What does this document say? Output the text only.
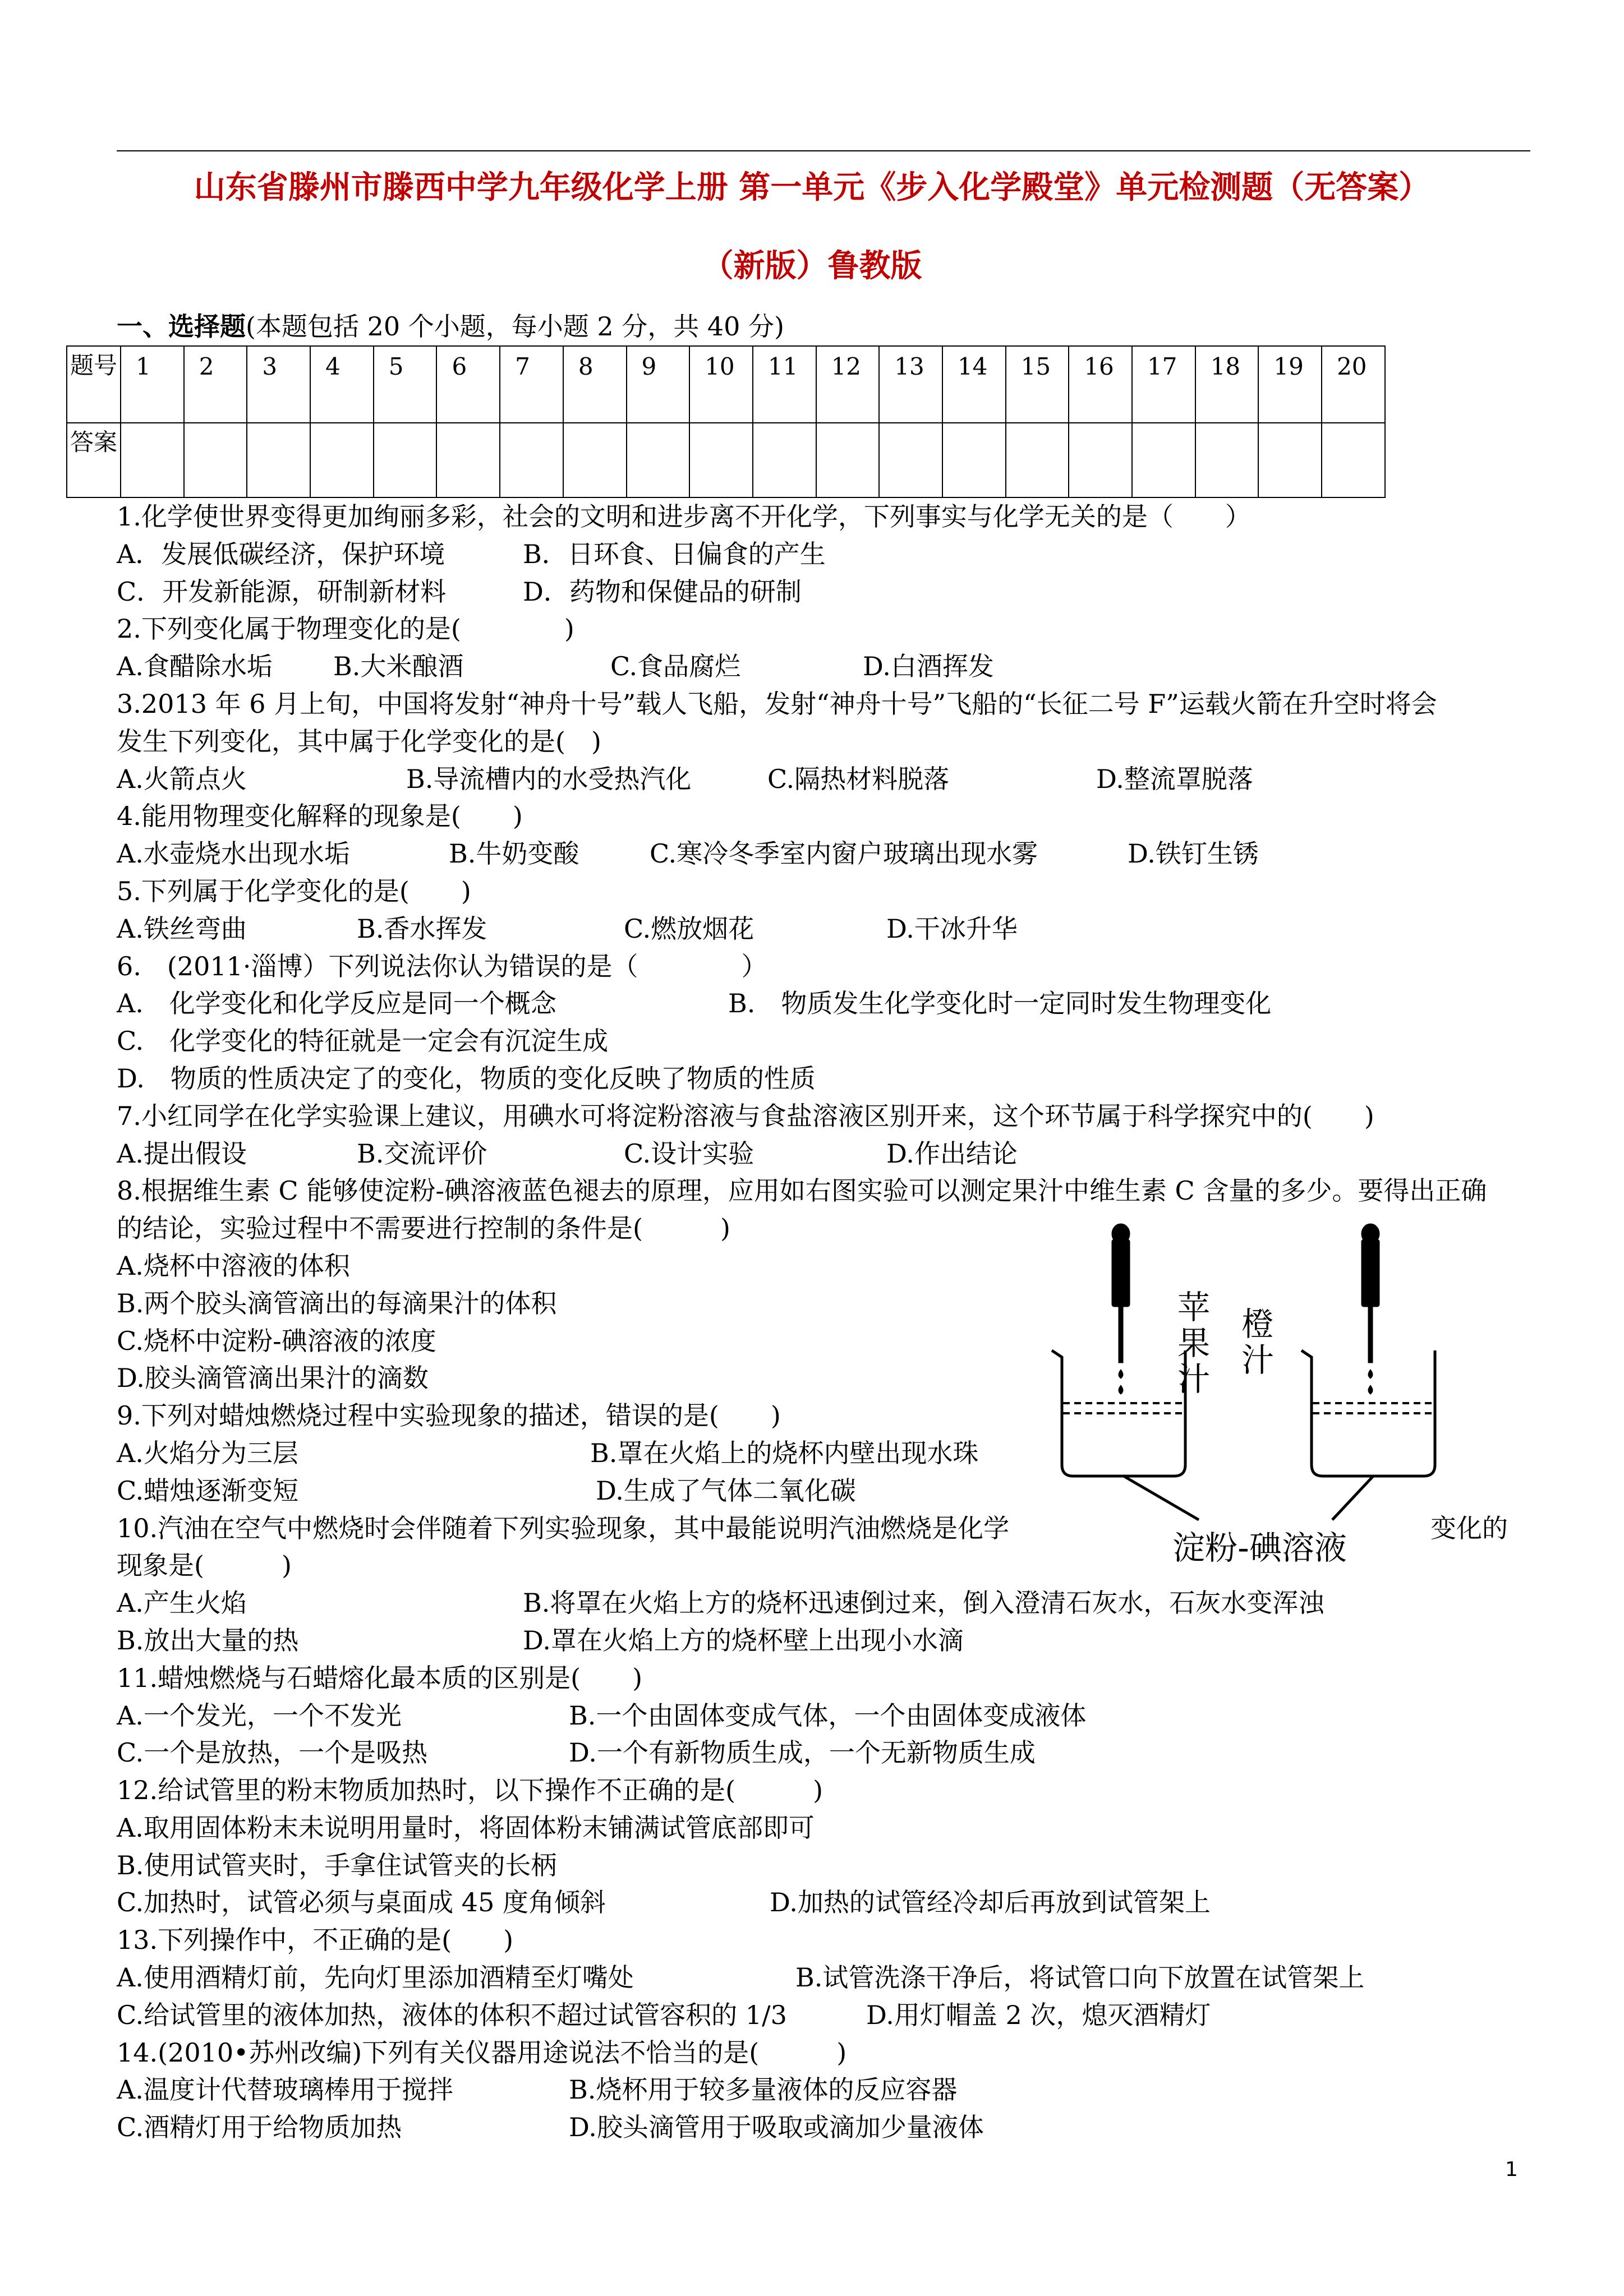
山东省滕州市滕西中学九年级化学上册 第一单元《步入化学殿堂》单元检测题（无答案）
（新版）鲁教版
一、选择题(本题包括 20 个小题，每小题 2 分，共 40 分)
题号	1	2	3	4	5	6	7	8	9	10	11	12	13	14	15	16	17	18	19	20
答案																				
1.化学使世界变得更加绚丽多彩，社会的文明和进步离不开化学，下列事实与化学无关的是（　　）
A．发展低碳经济，保护环境	B．日环食、日偏食的产生
C．开发新能源，研制新材料	D．药物和保健品的研制
2.下列变化属于物理变化的是(　　　　)
A.食醋除水垢 B.大米酿酒	C.食品腐烂	D.白酒挥发
3.2013 年 6 月上旬，中国将发射“神舟十号”载人飞船，发射“神舟十号”飞船的“长征二号 F”运载火箭在升空时将会
发生下列变化，其中属于化学变化的是(　)
A.火箭点火	B.导流槽内的水受热汽化	C.隔热材料脱落	D.整流罩脱落
4.能用物理变化解释的现象是(　　)
A.水壶烧水出现水垢	B.牛奶变酸	C.寒冷冬季室内窗户玻璃出现水雾	D.铁钉生锈
5.下列属于化学变化的是(　　)
A.铁丝弯曲	B.香水挥发	C.燃放烟花	D.干冰升华
6.　(2011·淄博）下列说法你认为错误的是（　　　　）
A.　化学变化和化学反应是同一个概念	B.　物质发生化学变化时一定同时发生物理变化
C.　化学变化的特征就是一定会有沉淀生成
D.　物质的性质决定了的变化，物质的变化反映了物质的性质
7.小红同学在化学实验课上建议，用碘水可将淀粉溶液与食盐溶液区别开来，这个环节属于科学探究中的(　　)
A.提出假设	B.交流评价	C.设计实验	D.作出结论
8.根据维生素 C 能够使淀粉-碘溶液蓝色褪去的原理，应用如右图实验可以测定果汁中维生素 C 含量的多少。要得出正确
的结论，实验过程中不需要进行控制的条件是(　　　)
A.烧杯中溶液的体积
B.两个胶头滴管滴出的每滴果汁的体积
C.烧杯中淀粉-碘溶液的浓度
D.胶头滴管滴出果汁的滴数
9.下列对蜡烛燃烧过程中实验现象的描述，错误的是(　　)
A.火焰分为三层	B.罩在火焰上的烧杯内壁出现水珠
C.蜡烛逐渐变短	D.生成了气体二氧化碳
10.汽油在空气中燃烧时会伴随着下列实验现象，其中最能说明汽油燃烧是化学	变化的
现象是(　　　)
A.产生火焰	B.将罩在火焰上方的烧杯迅速倒过来，倒入澄清石灰水，石灰水变浑浊
B.放出大量的热	D.罩在火焰上方的烧杯壁上出现小水滴
11.蜡烛燃烧与石蜡熔化最本质的区别是(　　)
A.一个发光，一个不发光	B.一个由固体变成气体，一个由固体变成液体
C.一个是放热，一个是吸热	D.一个有新物质生成，一个无新物质生成
12.给试管里的粉末物质加热时，以下操作不正确的是(　　　)
A.取用固体粉末未说明用量时，将固体粉末铺满试管底部即可
B.使用试管夹时，手拿住试管夹的长柄
C.加热时，试管必须与桌面成 45 度角倾斜	D.加热的试管经冷却后再放到试管架上
13.下列操作中，不正确的是(　　)
A.使用酒精灯前，先向灯里添加酒精至灯嘴处	B.试管洗涤干净后，将试管口向下放置在试管架上
C.给试管里的液体加热，液体的体积不超过试管容积的 1/3	D.用灯帽盖 2 次，熄灭酒精灯
14.(2010•苏州改编)下列有关仪器用途说法不恰当的是(　　　)
A.温度计代替玻璃棒用于搅拌	B.烧杯用于较多量液体的反应容器
C.酒精灯用于给物质加热	D.胶头滴管用于吸取或滴加少量液体
苹果汁 橙汁
淀粉-碘溶液
1
